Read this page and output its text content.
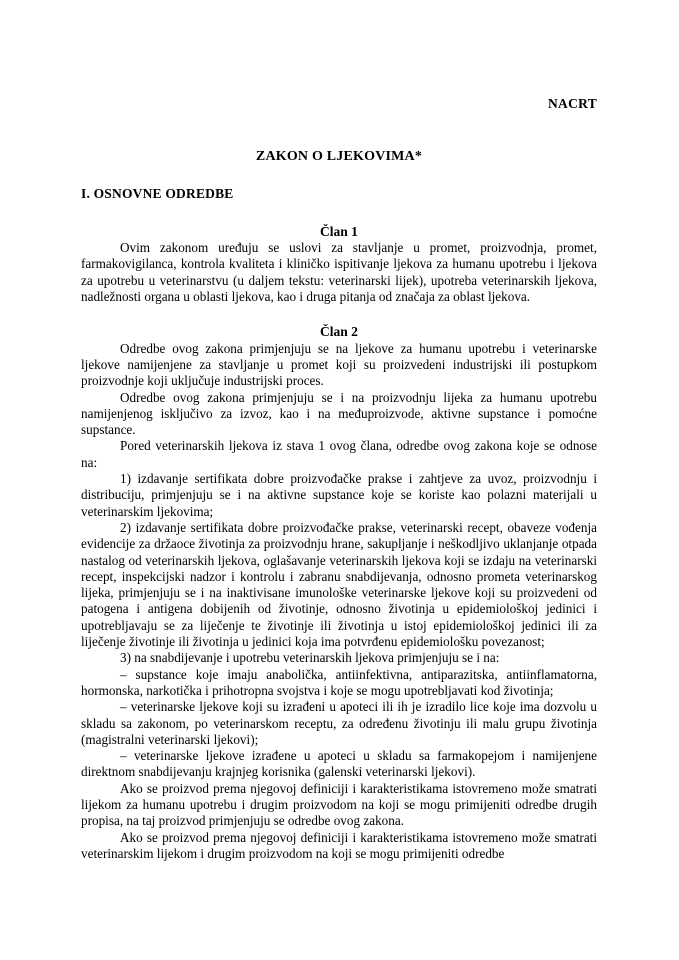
NACRT
ZAKON O LJEKOVIMA*
I. OSNOVNE ODREDBE
Član 1

Ovim zakonom uređuju se uslovi za stavljanje u promet, proizvodnja, promet, farmakovigilanca, kontrola kvaliteta i kliničko ispitivanje ljekova za humanu upotrebu i ljekova za upotrebu u veterinarstvu (u daljem tekstu: veterinarski lijek), upotreba veterinarskih ljekova, nadležnosti organa u oblasti ljekova, kao i druga pitanja od značaja za oblast ljekova.

Član 2

Odredbe ovog zakona primjenjuju se na ljekove za humanu upotrebu i veterinarske ljekove namijenjene za stavljanje u promet koji su proizvedeni industrijski ili postupkom proizvodnje koji uključuje industrijski proces.

Odredbe ovog zakona primjenjuju se i na proizvodnju lijeka za humanu upotrebu namijenjenog isključivo za izvoz, kao i na međuproizvode, aktivne supstance i pomoćne supstance.

Pored veterinarskih ljekova iz stava 1 ovog člana, odredbe ovog zakona koje se odnose na:

1) izdavanje sertifikata dobre proizvođačke prakse i zahtjeve za uvoz, proizvodnju i distribuciju, primjenjuju se i na aktivne supstance koje se koriste kao polazni materijali u veterinarskim ljekovima;

2) izdavanje sertifikata dobre proizvođačke prakse, veterinarski recept, obaveze vođenja evidencije za držaoce životinja za proizvodnju hrane, sakupljanje i neškodljivo uklanjanje otpada nastalog od veterinarskih ljekova, oglašavanje veterinarskih ljekova koji se izdaju na veterinarski recept, inspekcijski nadzor i kontrolu i zabranu snabdijevanja, odnosno prometa veterinarskog lijeka, primjenjuju se i na inaktivisane imunološke veterinarske ljekove koji su proizvedeni od patogena i antigena dobijenih od životinje, odnosno životinja u epidemiološkoj jedinici i upotrebljavaju se za liječenje te životinje ili životinja u istoj epidemiološkoj jedinici ili za liječenje životinje ili životinja u jedinici koja ima potvrđenu epidemiološku povezanost;

3) na snabdijevanje i upotrebu veterinarskih ljekova primjenjuju se i na:

– supstance koje imaju anabolička, antiinfektivna, antiparazitska, antiinflamatorna, hormonska, narkotička i prihotropna svojstva i koje se mogu upotrebljavati kod životinja;

– veterinarske ljekove koji su izrađeni u apoteci ili ih je izradilo lice koje ima dozvolu u skladu sa zakonom, po veterinarskom receptu, za određenu životinju ili malu grupu životinja (magistralni veterinarski ljekovi);

– veterinarske ljekove izrađene u apoteci u skladu sa farmakopejom i namijenjene direktnom snabdijevanju krajnjeg korisnika (galenski veterinarski ljekovi).

Ako se proizvod prema njegovoj definiciji i karakteristikama istovremeno može smatrati lijekom za humanu upotrebu i drugim proizvodom na koji se mogu primijeniti odredbe drugih propisa, na taj proizvod primjenjuju se odredbe ovog zakona.

Ako se proizvod prema njegovoj definiciji i karakteristikama istovremeno može smatrati veterinarskim lijekom i drugim proizvodom na koji se mogu primijeniti odredbe
